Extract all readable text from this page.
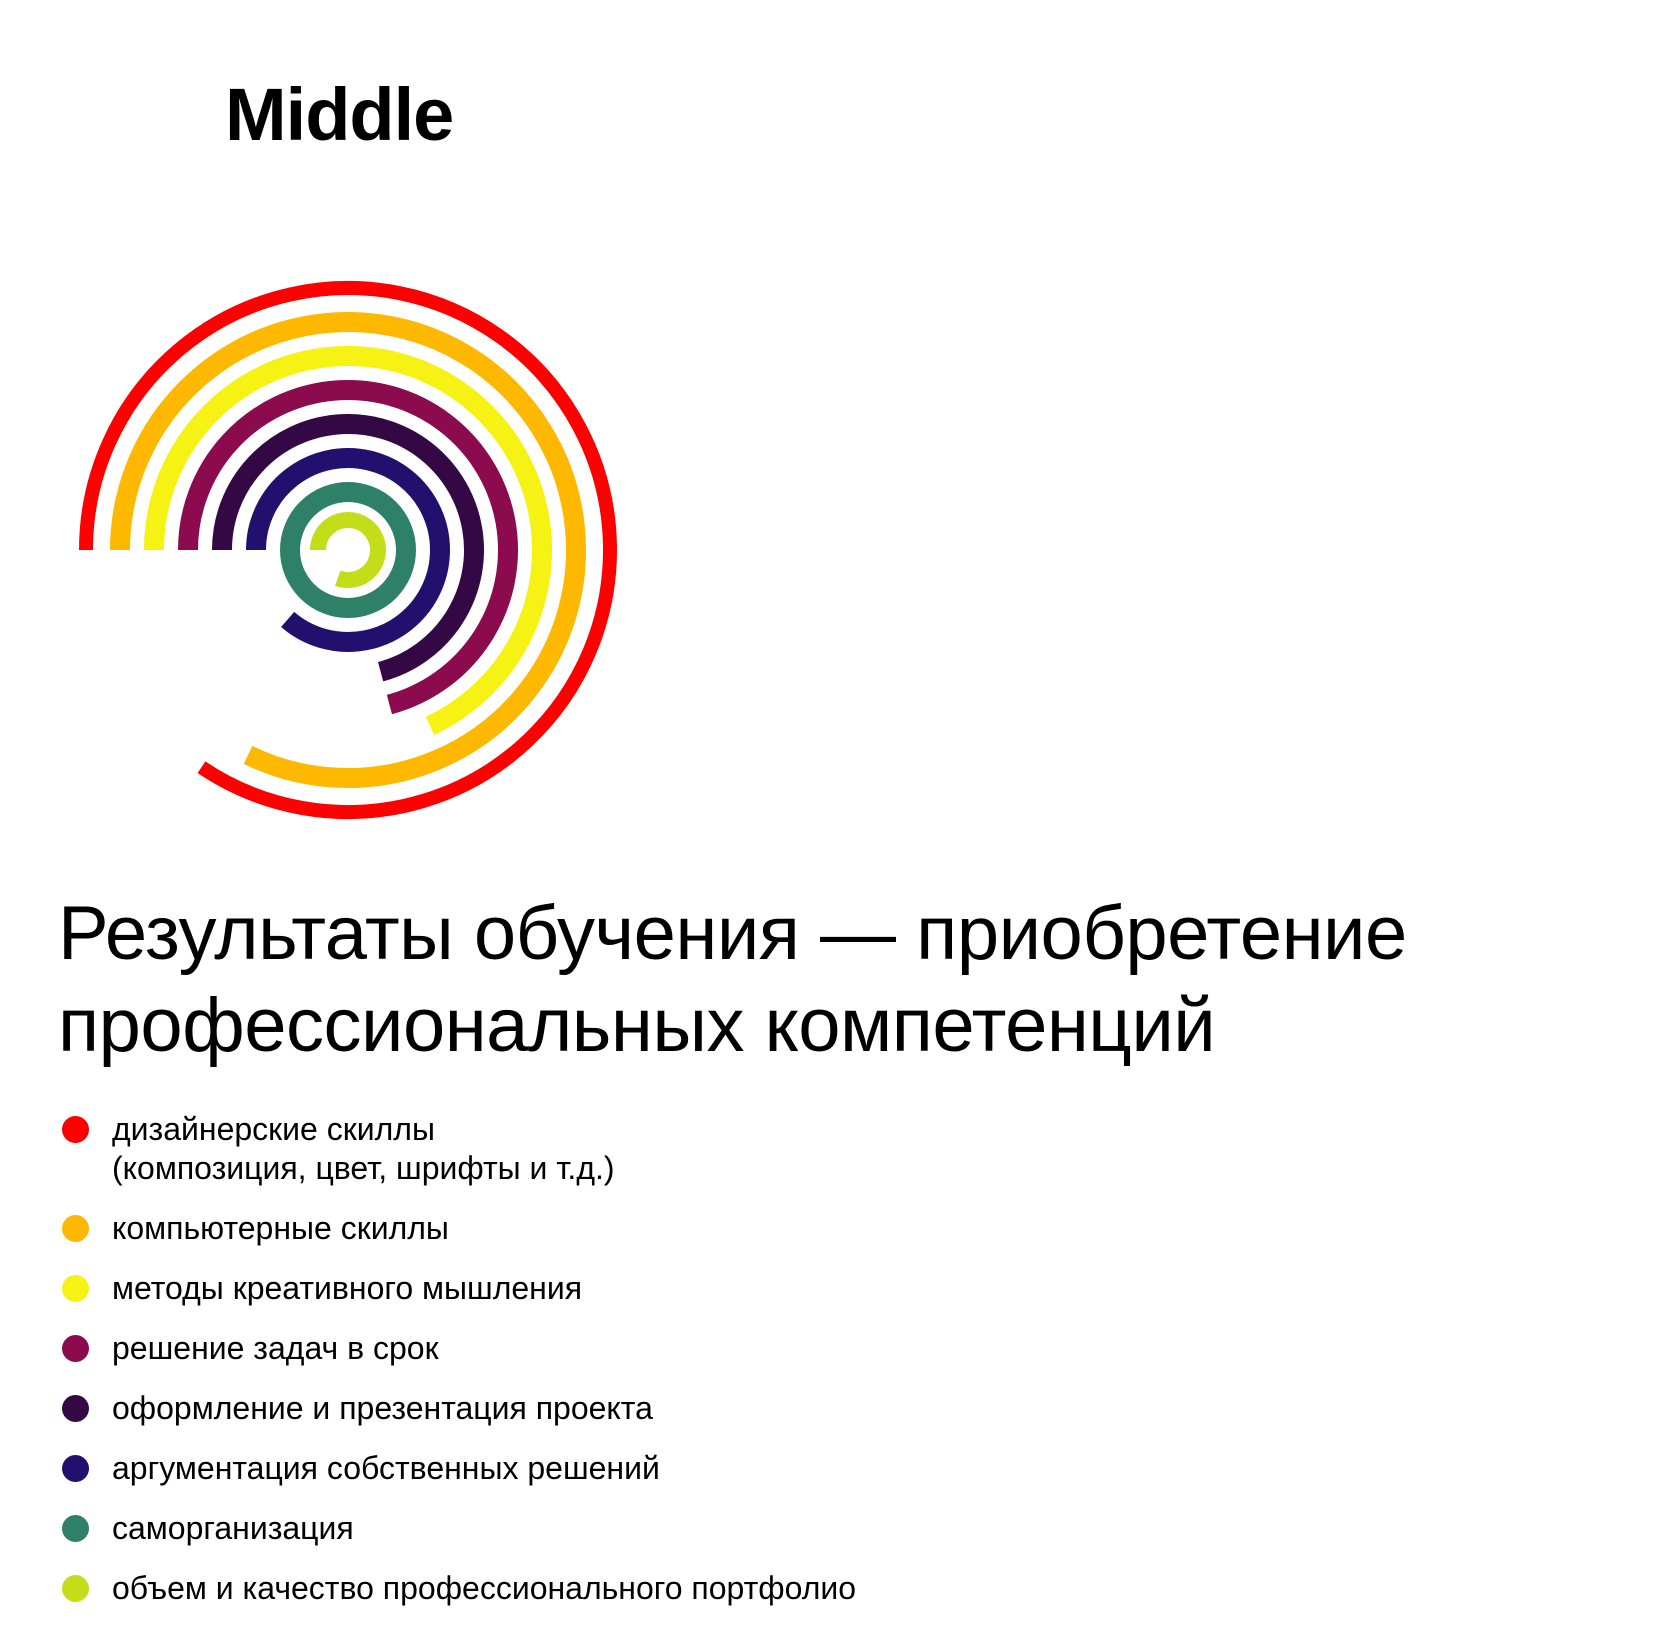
Middle
Результаты обучения — приобретение
профессиональных компетенций
дизайнерские скиллы
(композиция, цвет, шрифты и т.д.)
компьютерные скиллы
методы креативного мышления
решение задач в срок
оформление и презентация проекта
аргументация собственных решений
саморганизация
объем и качество профессионального портфолио
